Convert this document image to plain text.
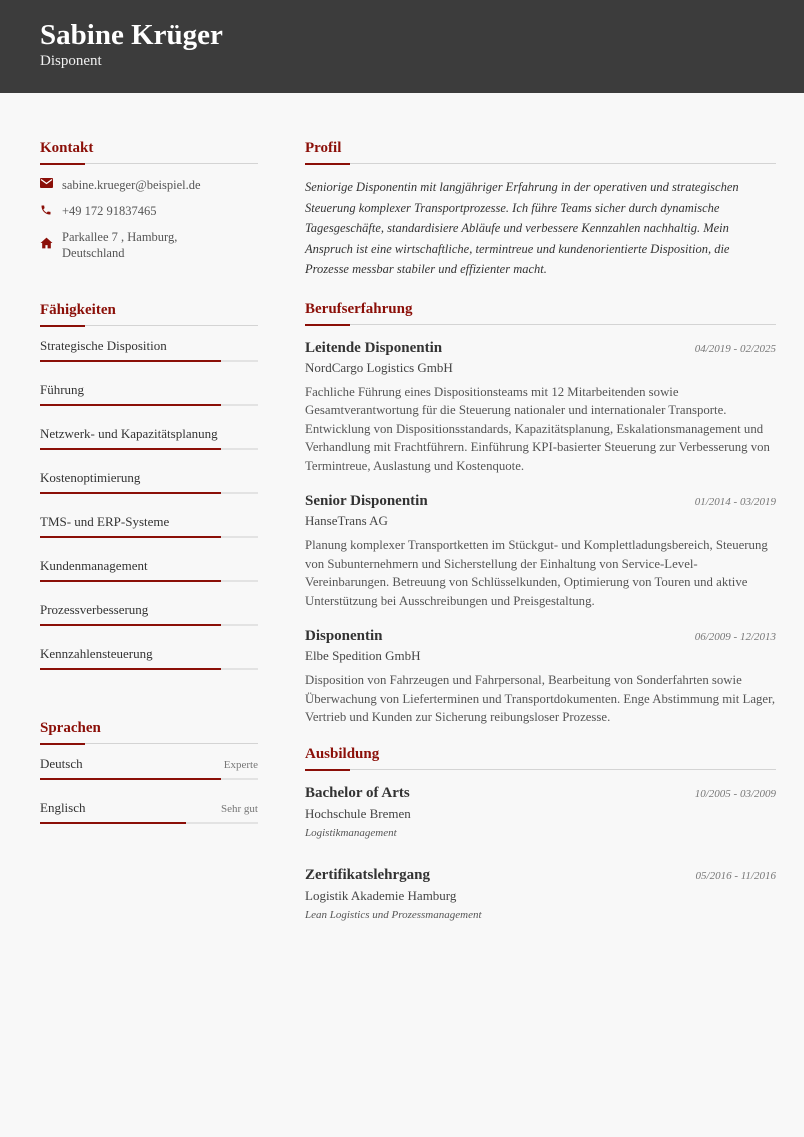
Sabine Krüger
Disponent
Kontakt
sabine.krueger@beispiel.de
+49 172 91837465
Parkallee 7 , Hamburg, Deutschland
Fähigkeiten
Strategische Disposition
Führung
Netzwerk- und Kapazitätsplanung
Kostenoptimierung
TMS- und ERP-Systeme
Kundenmanagement
Prozessverbesserung
Kennzahlensteuerung
Sprachen
Deutsch	Experte
Englisch	Sehr gut
Profil
Seniorige Disponentin mit langjähriger Erfahrung in der operativen und strategischen Steuerung komplexer Transportprozesse. Ich führe Teams sicher durch dynamische Tagesgeschäfte, standardisiere Abläufe und verbessere Kennzahlen nachhaltig. Mein Anspruch ist eine wirtschaftliche, termintreue und kundenorientierte Disposition, die Prozesse messbar stabiler und effizienter macht.
Berufserfahrung
Leitende Disponentin	04/2019 - 02/2025
NordCargo Logistics GmbH
Fachliche Führung eines Dispositionsteams mit 12 Mitarbeitenden sowie Gesamtverantwortung für die Steuerung nationaler und internationaler Transporte. Entwicklung von Dispositionsstandards, Kapazitätsplanung, Eskalationsmanagement und Verhandlung mit Frachtführern. Einführung KPI-basierter Steuerung zur Verbesserung von Termintreue, Auslastung und Kostenquote.
Senior Disponentin	01/2014 - 03/2019
HanseTrans AG
Planung komplexer Transportketten im Stückgut- und Komplettladungsbereich, Steuerung von Subunternehmern und Sicherstellung der Einhaltung von Service-Level-Vereinbarungen. Betreuung von Schlüsselkunden, Optimierung von Touren und aktive Unterstützung bei Ausschreibungen und Preisgestaltung.
Disponentin	06/2009 - 12/2013
Elbe Spedition GmbH
Disposition von Fahrzeugen und Fahrpersonal, Bearbeitung von Sonderfahrten sowie Überwachung von Lieferterminen und Transportdokumenten. Enge Abstimmung mit Lager, Vertrieb und Kunden zur Sicherung reibungsloser Prozesse.
Ausbildung
Bachelor of Arts	10/2005 - 03/2009
Hochschule Bremen
Logistikmanagement
Zertifikatslehrgang	05/2016 - 11/2016
Logistik Akademie Hamburg
Lean Logistics und Prozessmanagement
